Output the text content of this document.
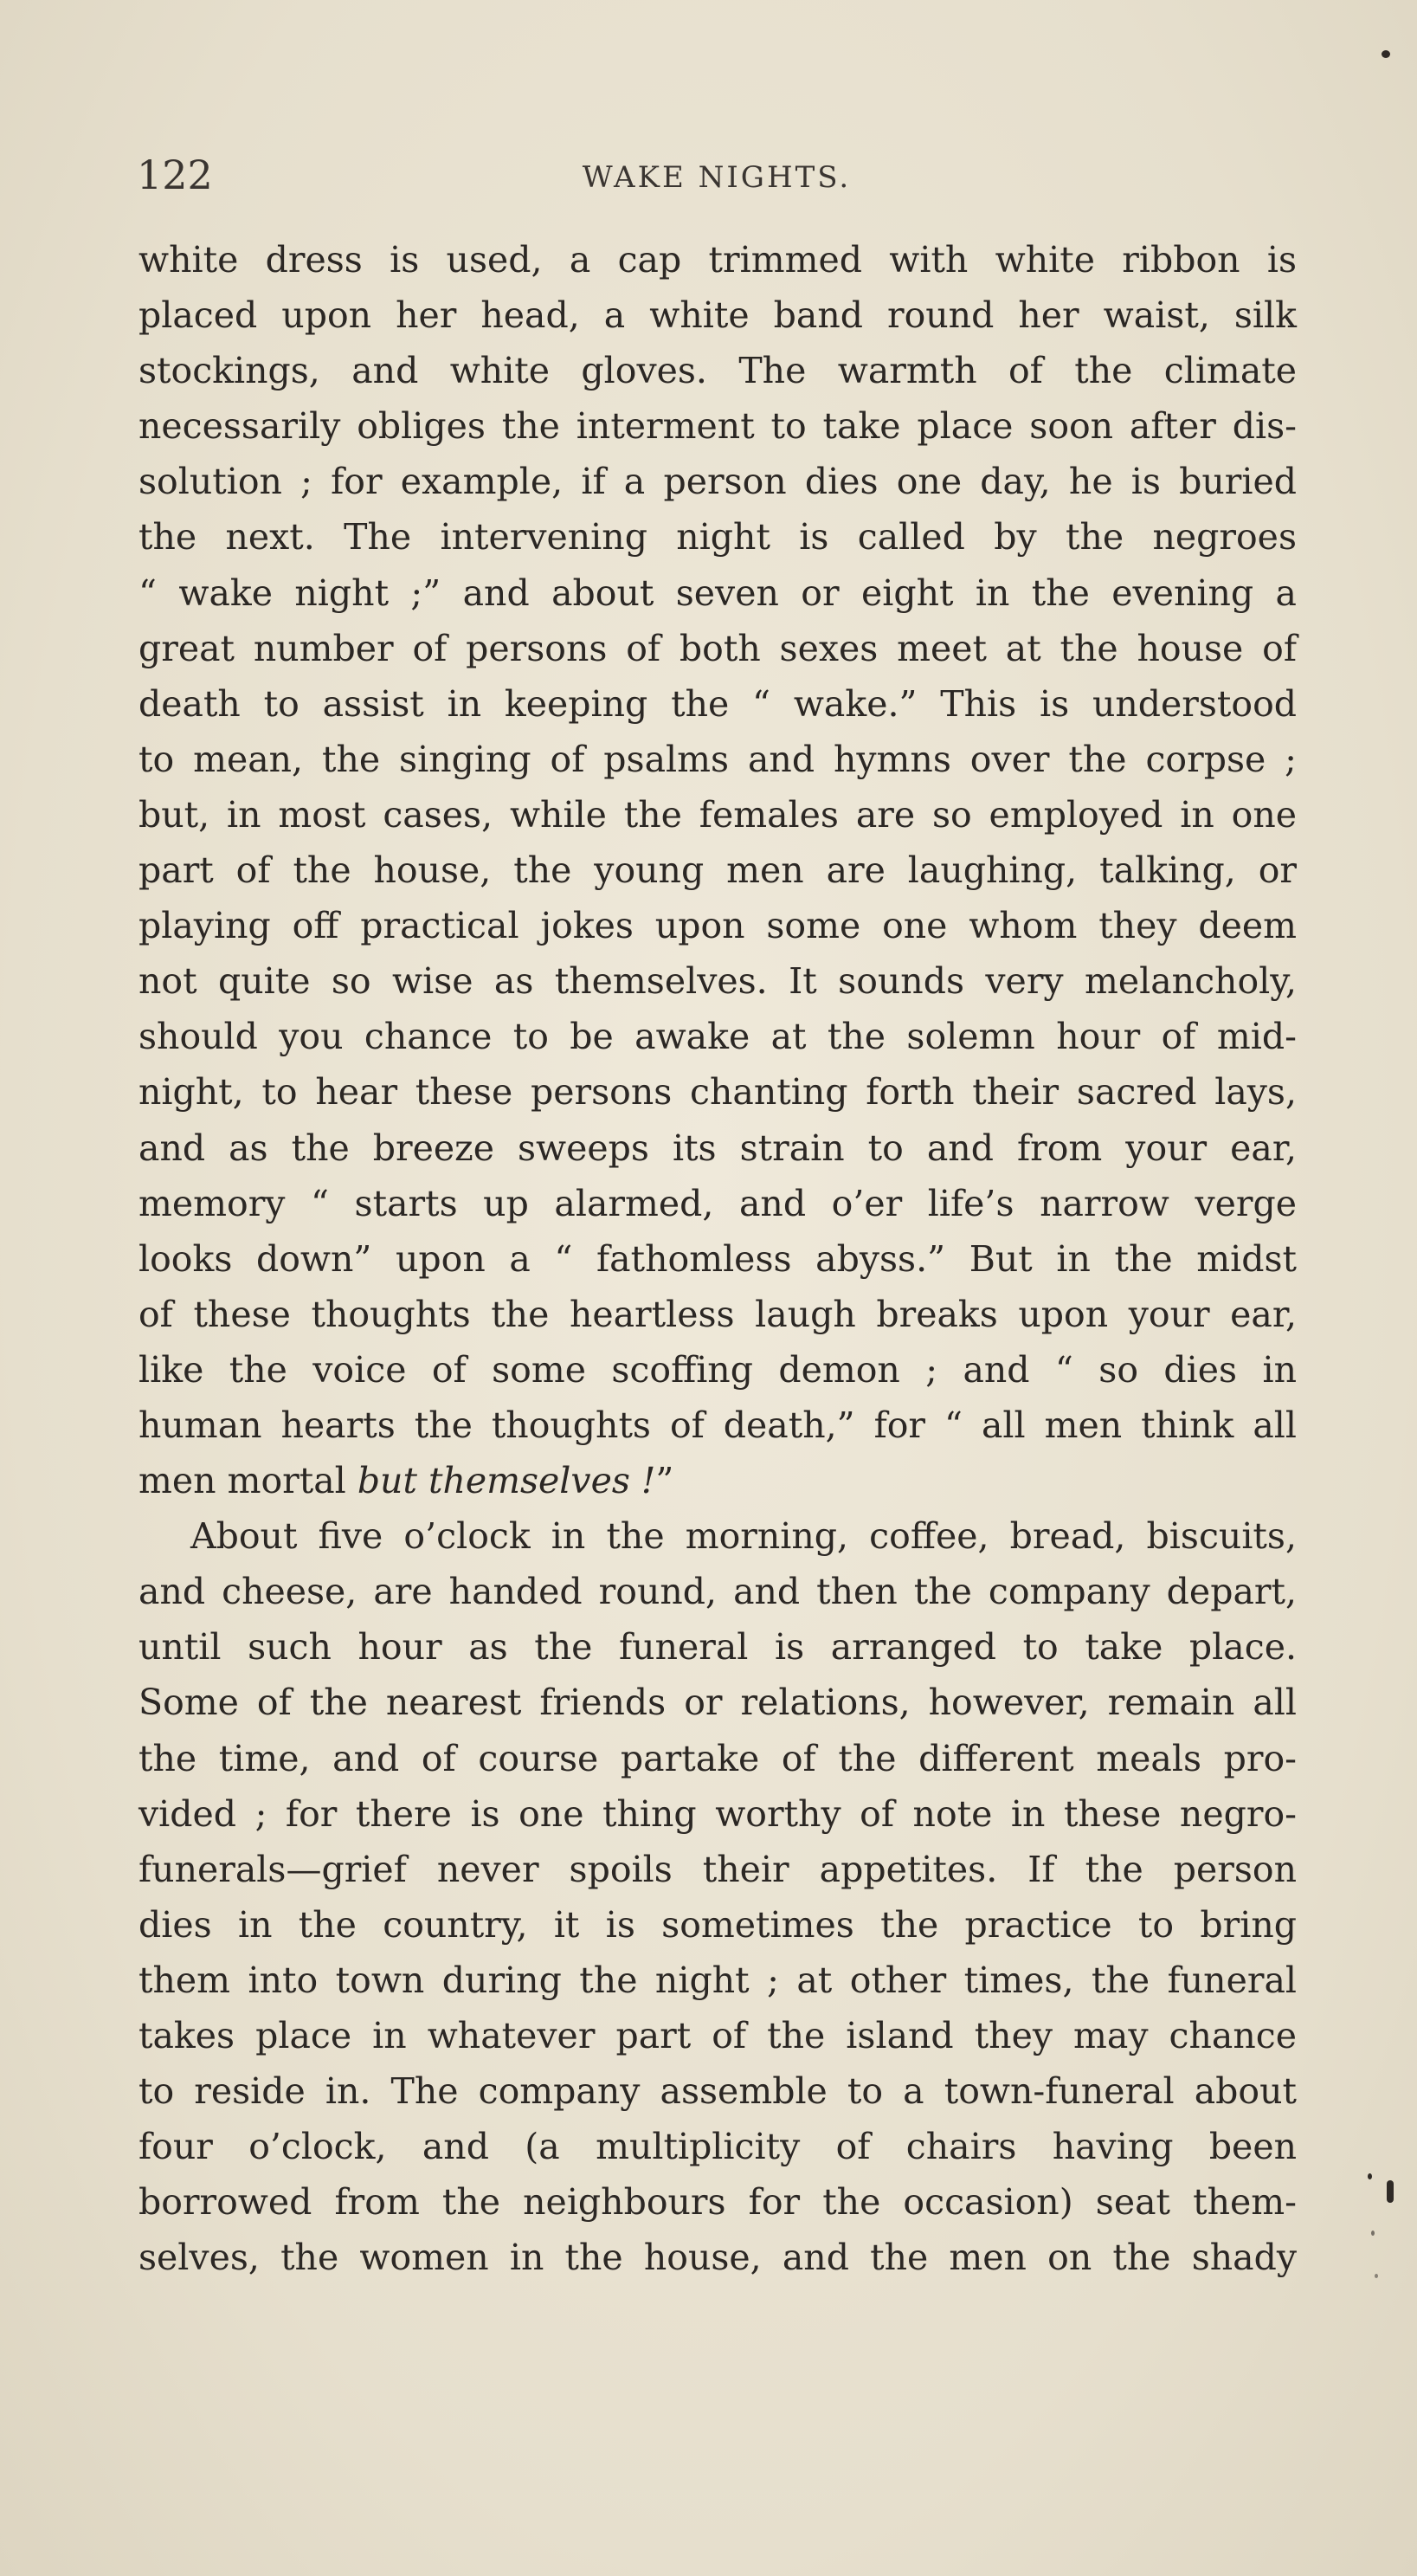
122	WAKE NIGHTS.
white dress is used, a cap trimmed with white ribbon is
placed upon her head, a white band round her waist, silk
stockings, and white gloves. The warmth of the climate
necessarily obliges the interment to take place soon after dis-
solution ; for example, if a person dies one day, he is buried
the next. The intervening night is called by the negroes
“ wake night ;” and about seven or eight in the evening a
great number of persons of both sexes meet at the house of
death to assist in keeping the “ wake.” This is understood
to mean, the singing of psalms and hymns over the corpse ;
but, in most cases, while the females are so employed in one
part of the house, the young men are laughing, talking, or
playing off practical jokes upon some one whom they deem
not quite so wise as themselves. It sounds very melancholy,
should you chance to be awake at the solemn hour of mid-
night, to hear these persons chanting forth their sacred lays,
and as the breeze sweeps its strain to and from your ear,
memory “ starts up alarmed, and o’er life’s narrow verge
looks down” upon a “ fathomless abyss.” But in the midst
of these thoughts the heartless laugh breaks upon your ear,
like the voice of some scoffing demon ; and “ so dies in
human hearts the thoughts of death,” for “ all men think all
men mortal but themselves !”
About five o’clock in the morning, coffee, bread, biscuits,
and cheese, are handed round, and then the company depart,
until such hour as the funeral is arranged to take place.
Some of the nearest friends or relations, however, remain all
the time, and of course partake of the different meals pro-
vided ; for there is one thing worthy of note in these negro-
funerals—grief never spoils their appetites. If the person
dies in the country, it is sometimes the practice to bring
them into town during the night ; at other times, the funeral
takes place in whatever part of the island they may chance
to reside in. The company assemble to a town-funeral about
four o’clock, and (a multiplicity of chairs having been
borrowed from the neighbours for the occasion) seat them-
selves, the women in the house, and the men on the shady
